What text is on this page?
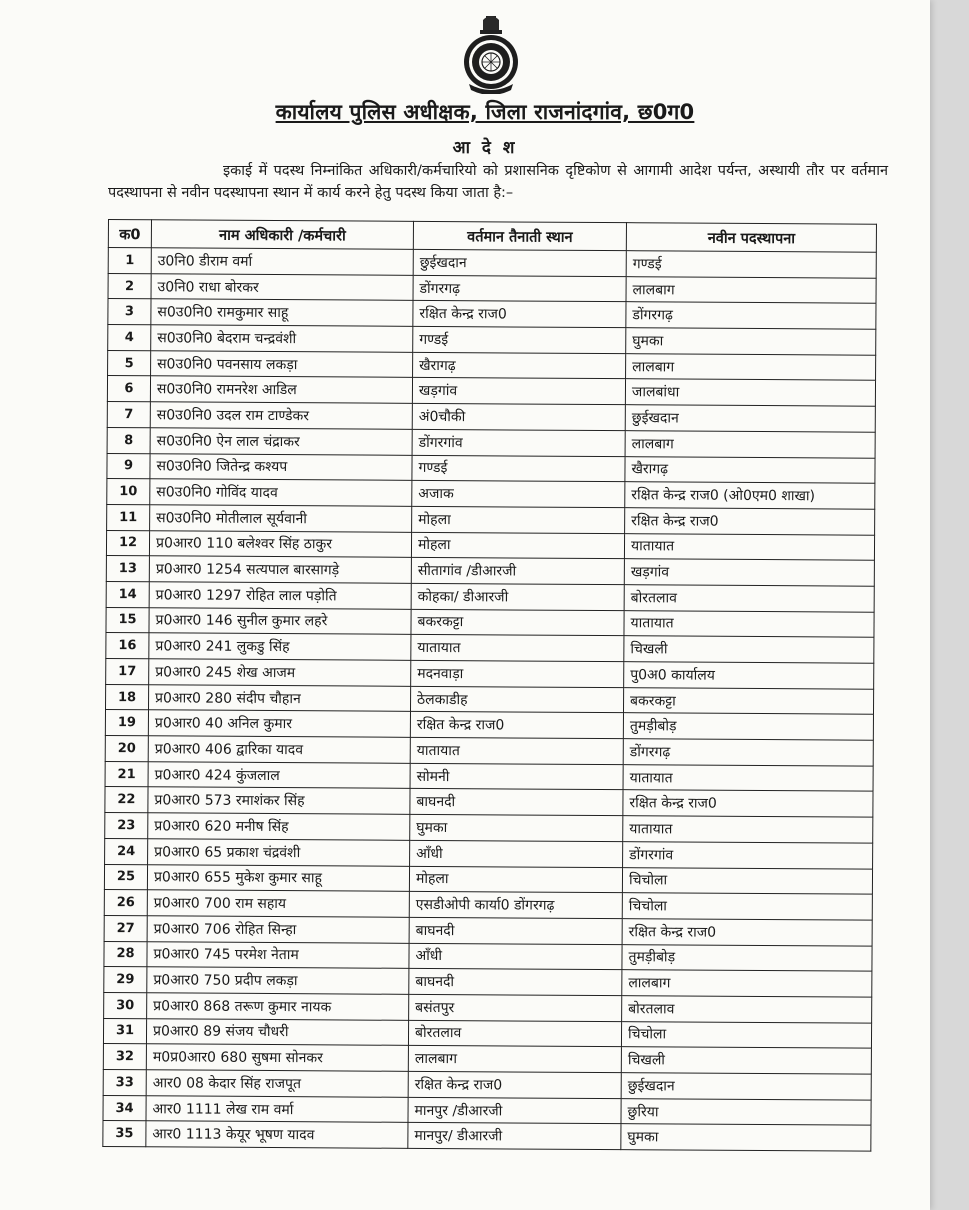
कार्यालय पुलिस अधीक्षक, जिला राजनांदगांव, छ0ग0
आ दे श
इकाई में पदस्थ निम्नांकित अधिकारी/कर्मचारियो को प्रशासनिक दृष्टिकोण से आगामी आदेश पर्यन्त, अस्थायी तौर पर वर्तमान पदस्थापना से नवीन पदस्थापना स्थान में कार्य करने हेतु पदस्थ किया जाता है:–
क0	नाम अधिकारी /कर्मचारी	वर्तमान तैनाती स्थान	नवीन पदस्थापना
1	उ0नि0 डीराम वर्मा	छुईखदान	गण्डई
2	उ0नि0 राधा बोरकर	डोंगरगढ़	लालबाग
3	स0उ0नि0 रामकुमार साहू	रक्षित केन्द्र राज0	डोंगरगढ़
4	स0उ0नि0 बेदराम चन्द्रवंशी	गण्डई	घुमका
5	स0उ0नि0 पवनसाय लकड़ा	खैरागढ़	लालबाग
6	स0उ0नि0 रामनरेश आडिल	खड़गांव	जालबांधा
7	स0उ0नि0 उदल राम टाण्डेकर	अं0चौकी	छुईखदान
8	स0उ0नि0 ऐन लाल चंद्राकर	डोंगरगांव	लालबाग
9	स0उ0नि0 जितेन्द्र कश्यप	गण्डई	खैरागढ़
10	स0उ0नि0 गोविंद यादव	अजाक	रक्षित केन्द्र राज0 (ओ0एम0 शाखा)
11	स0उ0नि0 मोतीलाल सूर्यवानी	मोहला	रक्षित केन्द्र राज0
12	प्र0आर0 110 बलेश्वर सिंह ठाकुर	मोहला	यातायात
13	प्र0आर0 1254 सत्यपाल बारसागड़े	सीतागांव /डीआरजी	खड़गांव
14	प्र0आर0 1297 रोहित लाल पड़ोति	कोहका/ डीआरजी	बोरतलाव
15	प्र0आर0 146 सुनील कुमार लहरे	बकरकट्टा	यातायात
16	प्र0आर0 241 लुकडु सिंह	यातायात	चिखली
17	प्र0आर0 245 शेख आजम	मदनवाड़ा	पु0अ0 कार्यालय
18	प्र0आर0 280 संदीप चौहान	ठेलकाडीह	बकरकट्टा
19	प्र0आर0 40 अनिल कुमार	रक्षित केन्द्र राज0	तुमड़ीबोड़
20	प्र0आर0 406 द्वारिका यादव	यातायात	डोंगरगढ़
21	प्र0आर0 424 कुंजलाल	सोमनी	यातायात
22	प्र0आर0 573 रमाशंकर सिंह	बाघनदी	रक्षित केन्द्र राज0
23	प्र0आर0 620 मनीष सिंह	घुमका	यातायात
24	प्र0आर0 65 प्रकाश चंद्रवंशी	आँधी	डोंगरगांव
25	प्र0आर0 655 मुकेश कुमार साहू	मोहला	चिचोला
26	प्र0आर0 700 राम सहाय	एसडीओपी कार्या0 डोंगरगढ़	चिचोला
27	प्र0आर0 706 रोहित सिन्हा	बाघनदी	रक्षित केन्द्र राज0
28	प्र0आर0 745 परमेश नेताम	आँधी	तुमड़ीबोड़
29	प्र0आर0 750 प्रदीप लकड़ा	बाघनदी	लालबाग
30	प्र0आर0 868 तरूण कुमार नायक	बसंतपुर	बोरतलाव
31	प्र0आर0 89 संजय चौधरी	बोरतलाव	चिचोला
32	म0प्र0आर0 680 सुषमा सोनकर	लालबाग	चिखली
33	आर0 08 केदार सिंह राजपूत	रक्षित केन्द्र राज0	छुईखदान
34	आर0 1111 लेख राम वर्मा	मानपुर /डीआरजी	छुरिया
35	आर0 1113 केयूर भूषण यादव	मानपुर/ डीआरजी	घुमका
